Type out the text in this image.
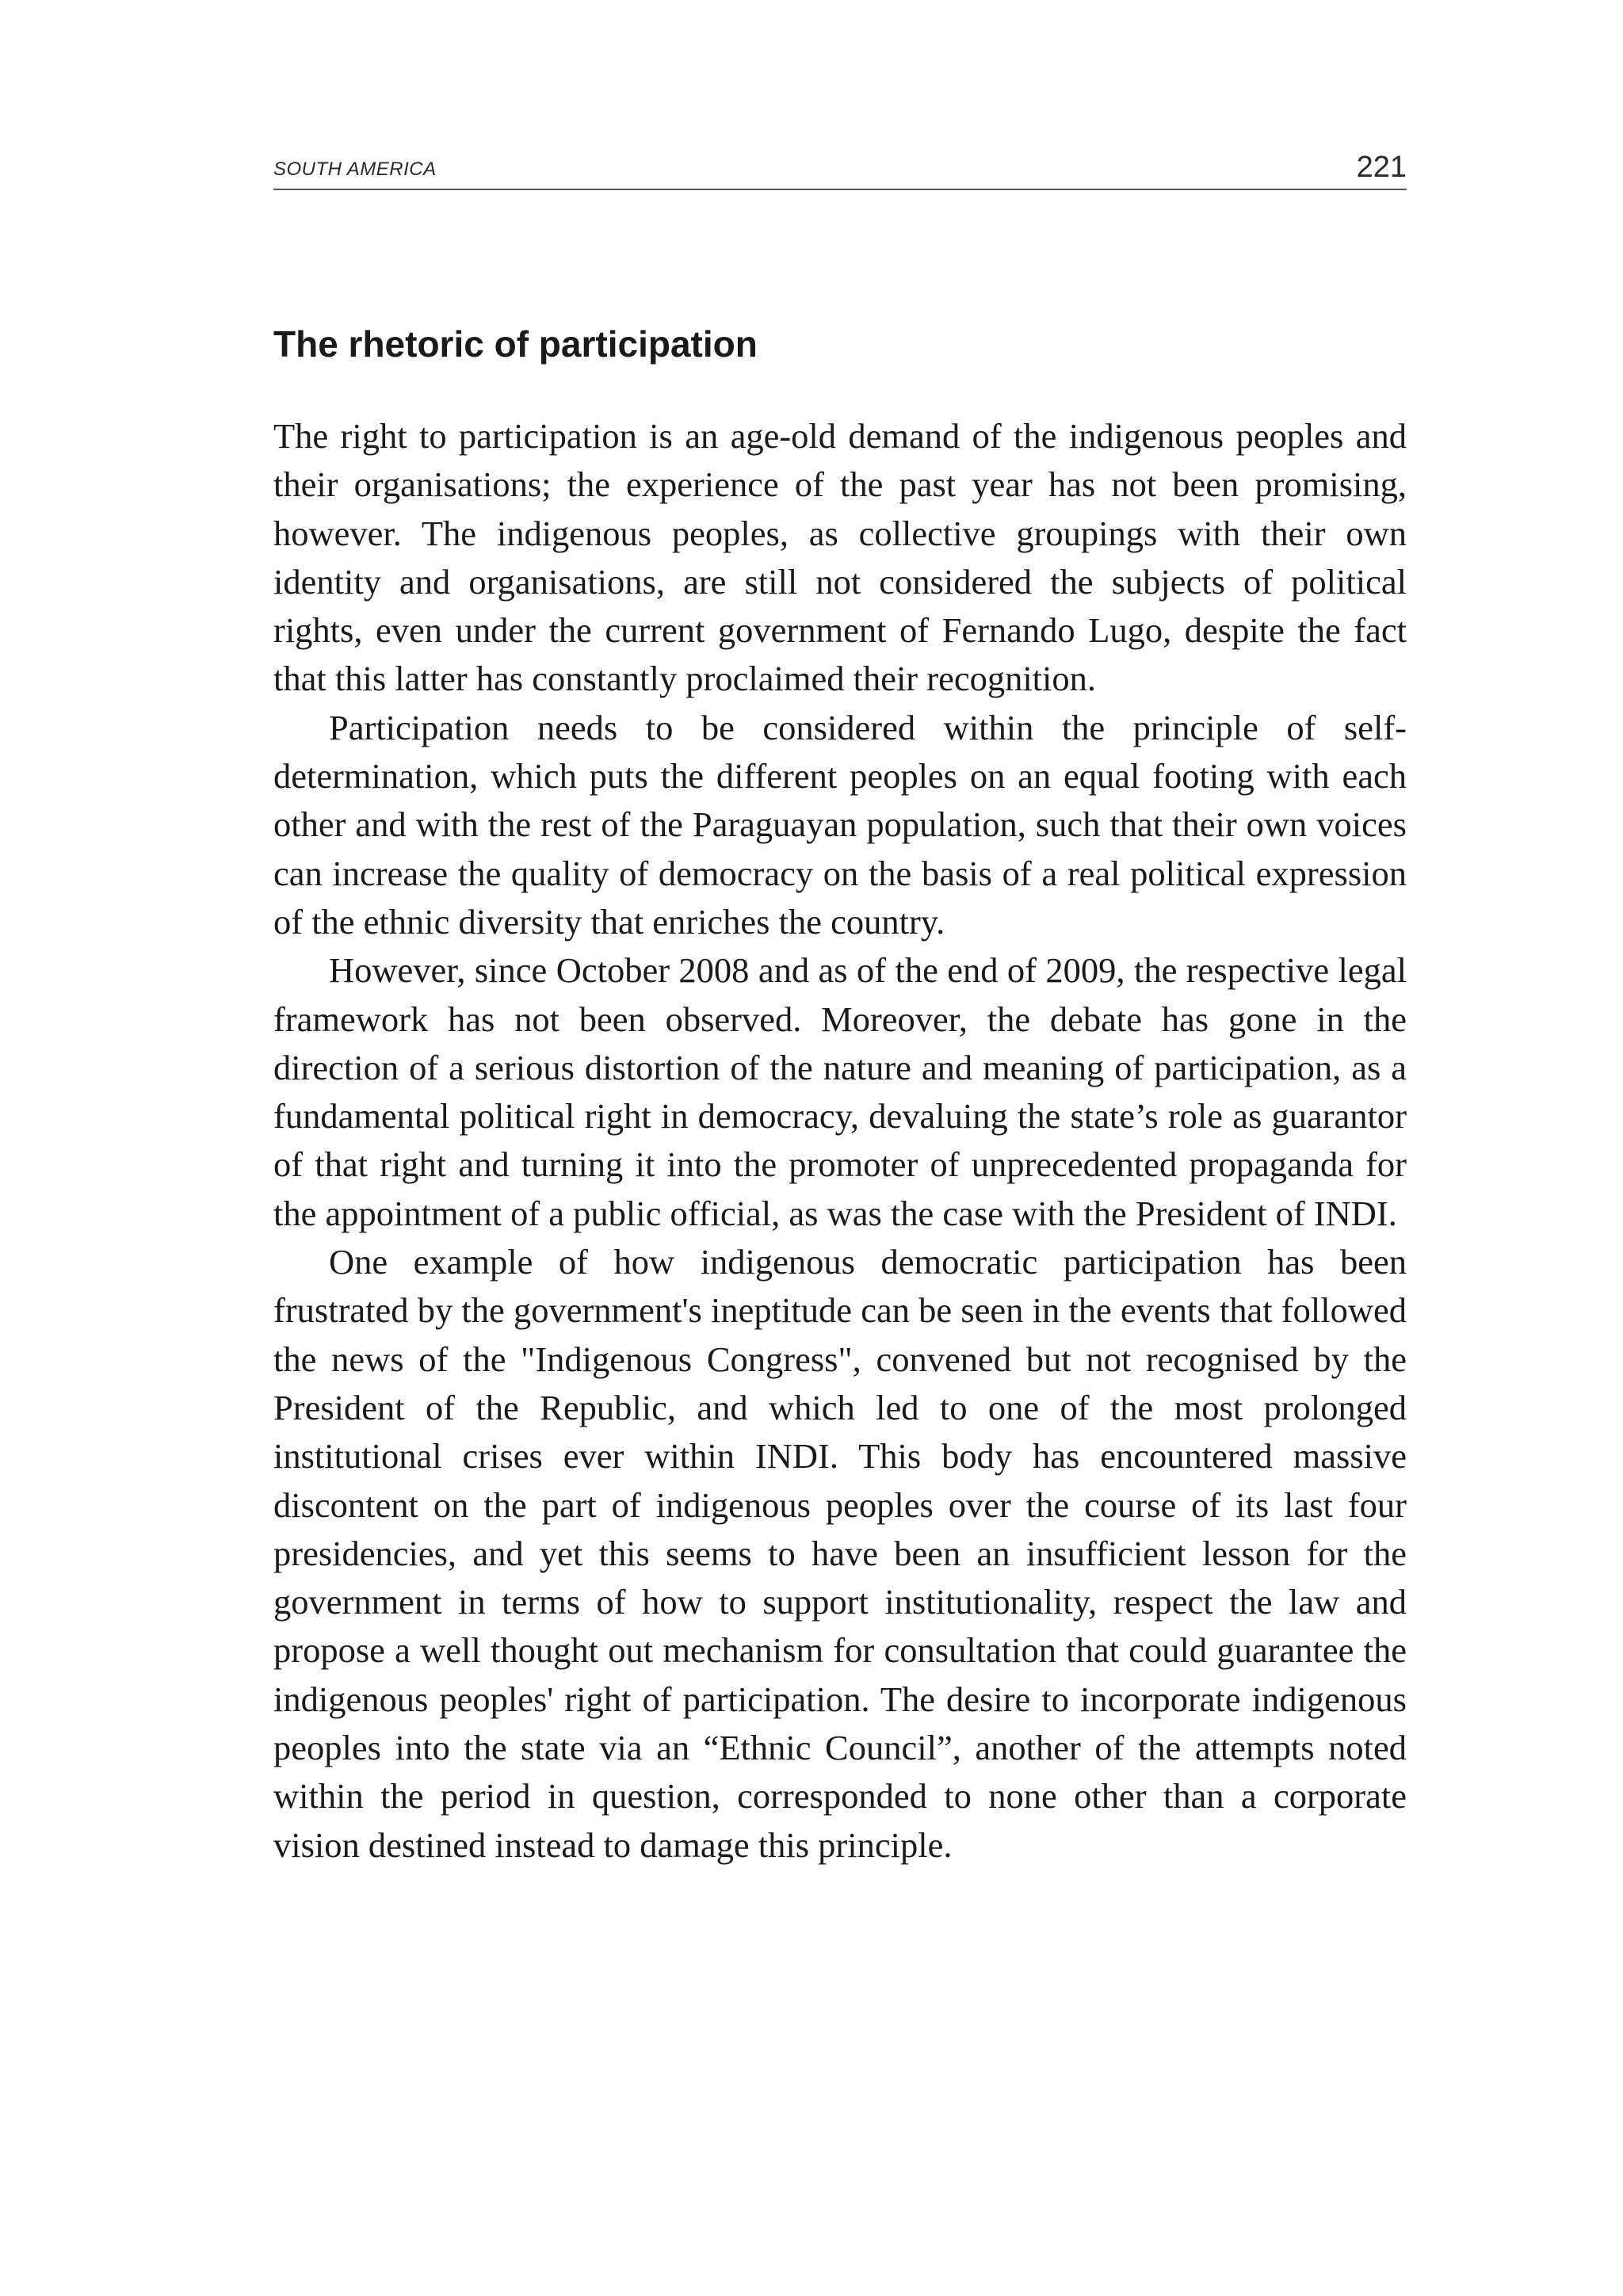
SOUTH AMERICA	221
The rhetoric of participation

The right to participation is an age-old demand of the indigenous peoples and their organisations; the experience of the past year has not been promising, however. The indigenous peoples, as collective groupings with their own identity and organisations, are still not considered the subjects of political rights, even under the current government of Fernando Lugo, despite the fact that this latter has constantly proclaimed their recognition.

Participation needs to be considered within the principle of self-determination, which puts the different peoples on an equal footing with each other and with the rest of the Paraguayan population, such that their own voices can increase the quality of democracy on the basis of a real political expression of the ethnic diversity that enriches the country.

However, since October 2008 and as of the end of 2009, the respective legal framework has not been observed. Moreover, the debate has gone in the direction of a serious distortion of the nature and meaning of participation, as a fundamental political right in democracy, devaluing the state’s role as guarantor of that right and turning it into the promoter of unprecedented propaganda for the appointment of a public official, as was the case with the President of INDI.

One example of how indigenous democratic participation has been frustrated by the government's ineptitude can be seen in the events that followed the news of the "Indigenous Congress", convened but not recognised by the President of the Republic, and which led to one of the most prolonged institutional crises ever within INDI. This body has encountered massive discontent on the part of indigenous peoples over the course of its last four presidencies, and yet this seems to have been an insufficient lesson for the government in terms of how to support institutionality, respect the law and propose a well thought out mechanism for consultation that could guarantee the indigenous peoples' right of participation. The desire to incorporate indigenous peoples into the state via an “Ethnic Council”, another of the attempts noted within the period in question, corresponded to none other than a corporate vision destined instead to damage this principle.
